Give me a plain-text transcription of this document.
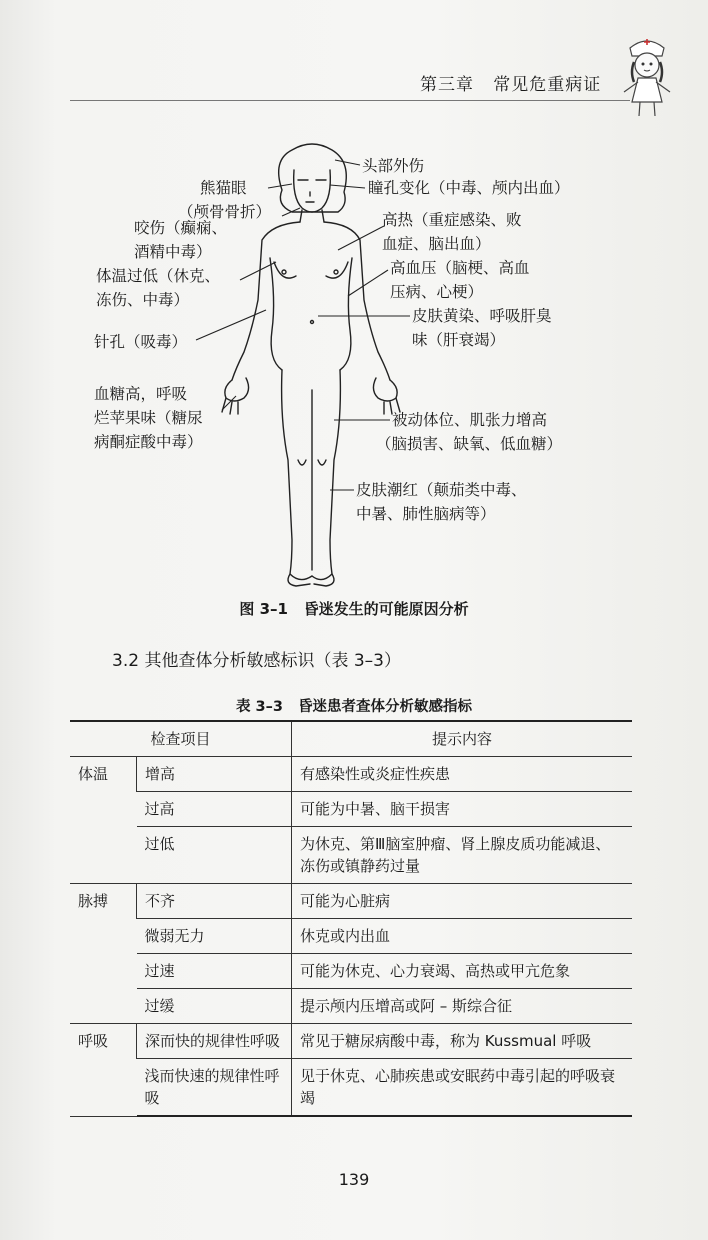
第三章 常见危重病证
头部外伤
瞳孔变化（中毒、颅内出血）
熊猫眼
（颅骨骨折）
咬伤（癫痫、
酒精中毒）
高热（重症感染、败
血症、脑出血）
体温过低（休克、
冻伤、中毒）
高血压（脑梗、高血
压病、心梗）
皮肤黄染、呼吸肝臭
味（肝衰竭）
针孔（吸毒）
血糖高，呼吸
烂苹果味（糖尿
病酮症酸中毒）
被动体位、肌张力增高
（脑损害、缺氧、低血糖）
皮肤潮红（颠茄类中毒、
中暑、肺性脑病等）
图 3–1   昏迷发生的可能原因分析
3.2 其他查体分析敏感标识（表 3–3）
表 3–3   昏迷患者查体分析敏感指标
检查项目		提示内容
体温	增高	有感染性或炎症性疾患
	过高	可能为中暑、脑干损害
	过低	为休克、第Ⅲ脑室肿瘤、肾上腺皮质功能减退、冻伤或镇静药过量
脉搏	不齐	可能为心脏病
	微弱无力	休克或内出血
	过速	可能为休克、心力衰竭、高热或甲亢危象
	过缓	提示颅内压增高或阿 – 斯综合征
呼吸	深而快的规律性呼吸	常见于糖尿病酸中毒，称为 Kussmual 呼吸
	浅而快速的规律性呼吸	见于休克、心肺疾患或安眠药中毒引起的呼吸衰竭
139
